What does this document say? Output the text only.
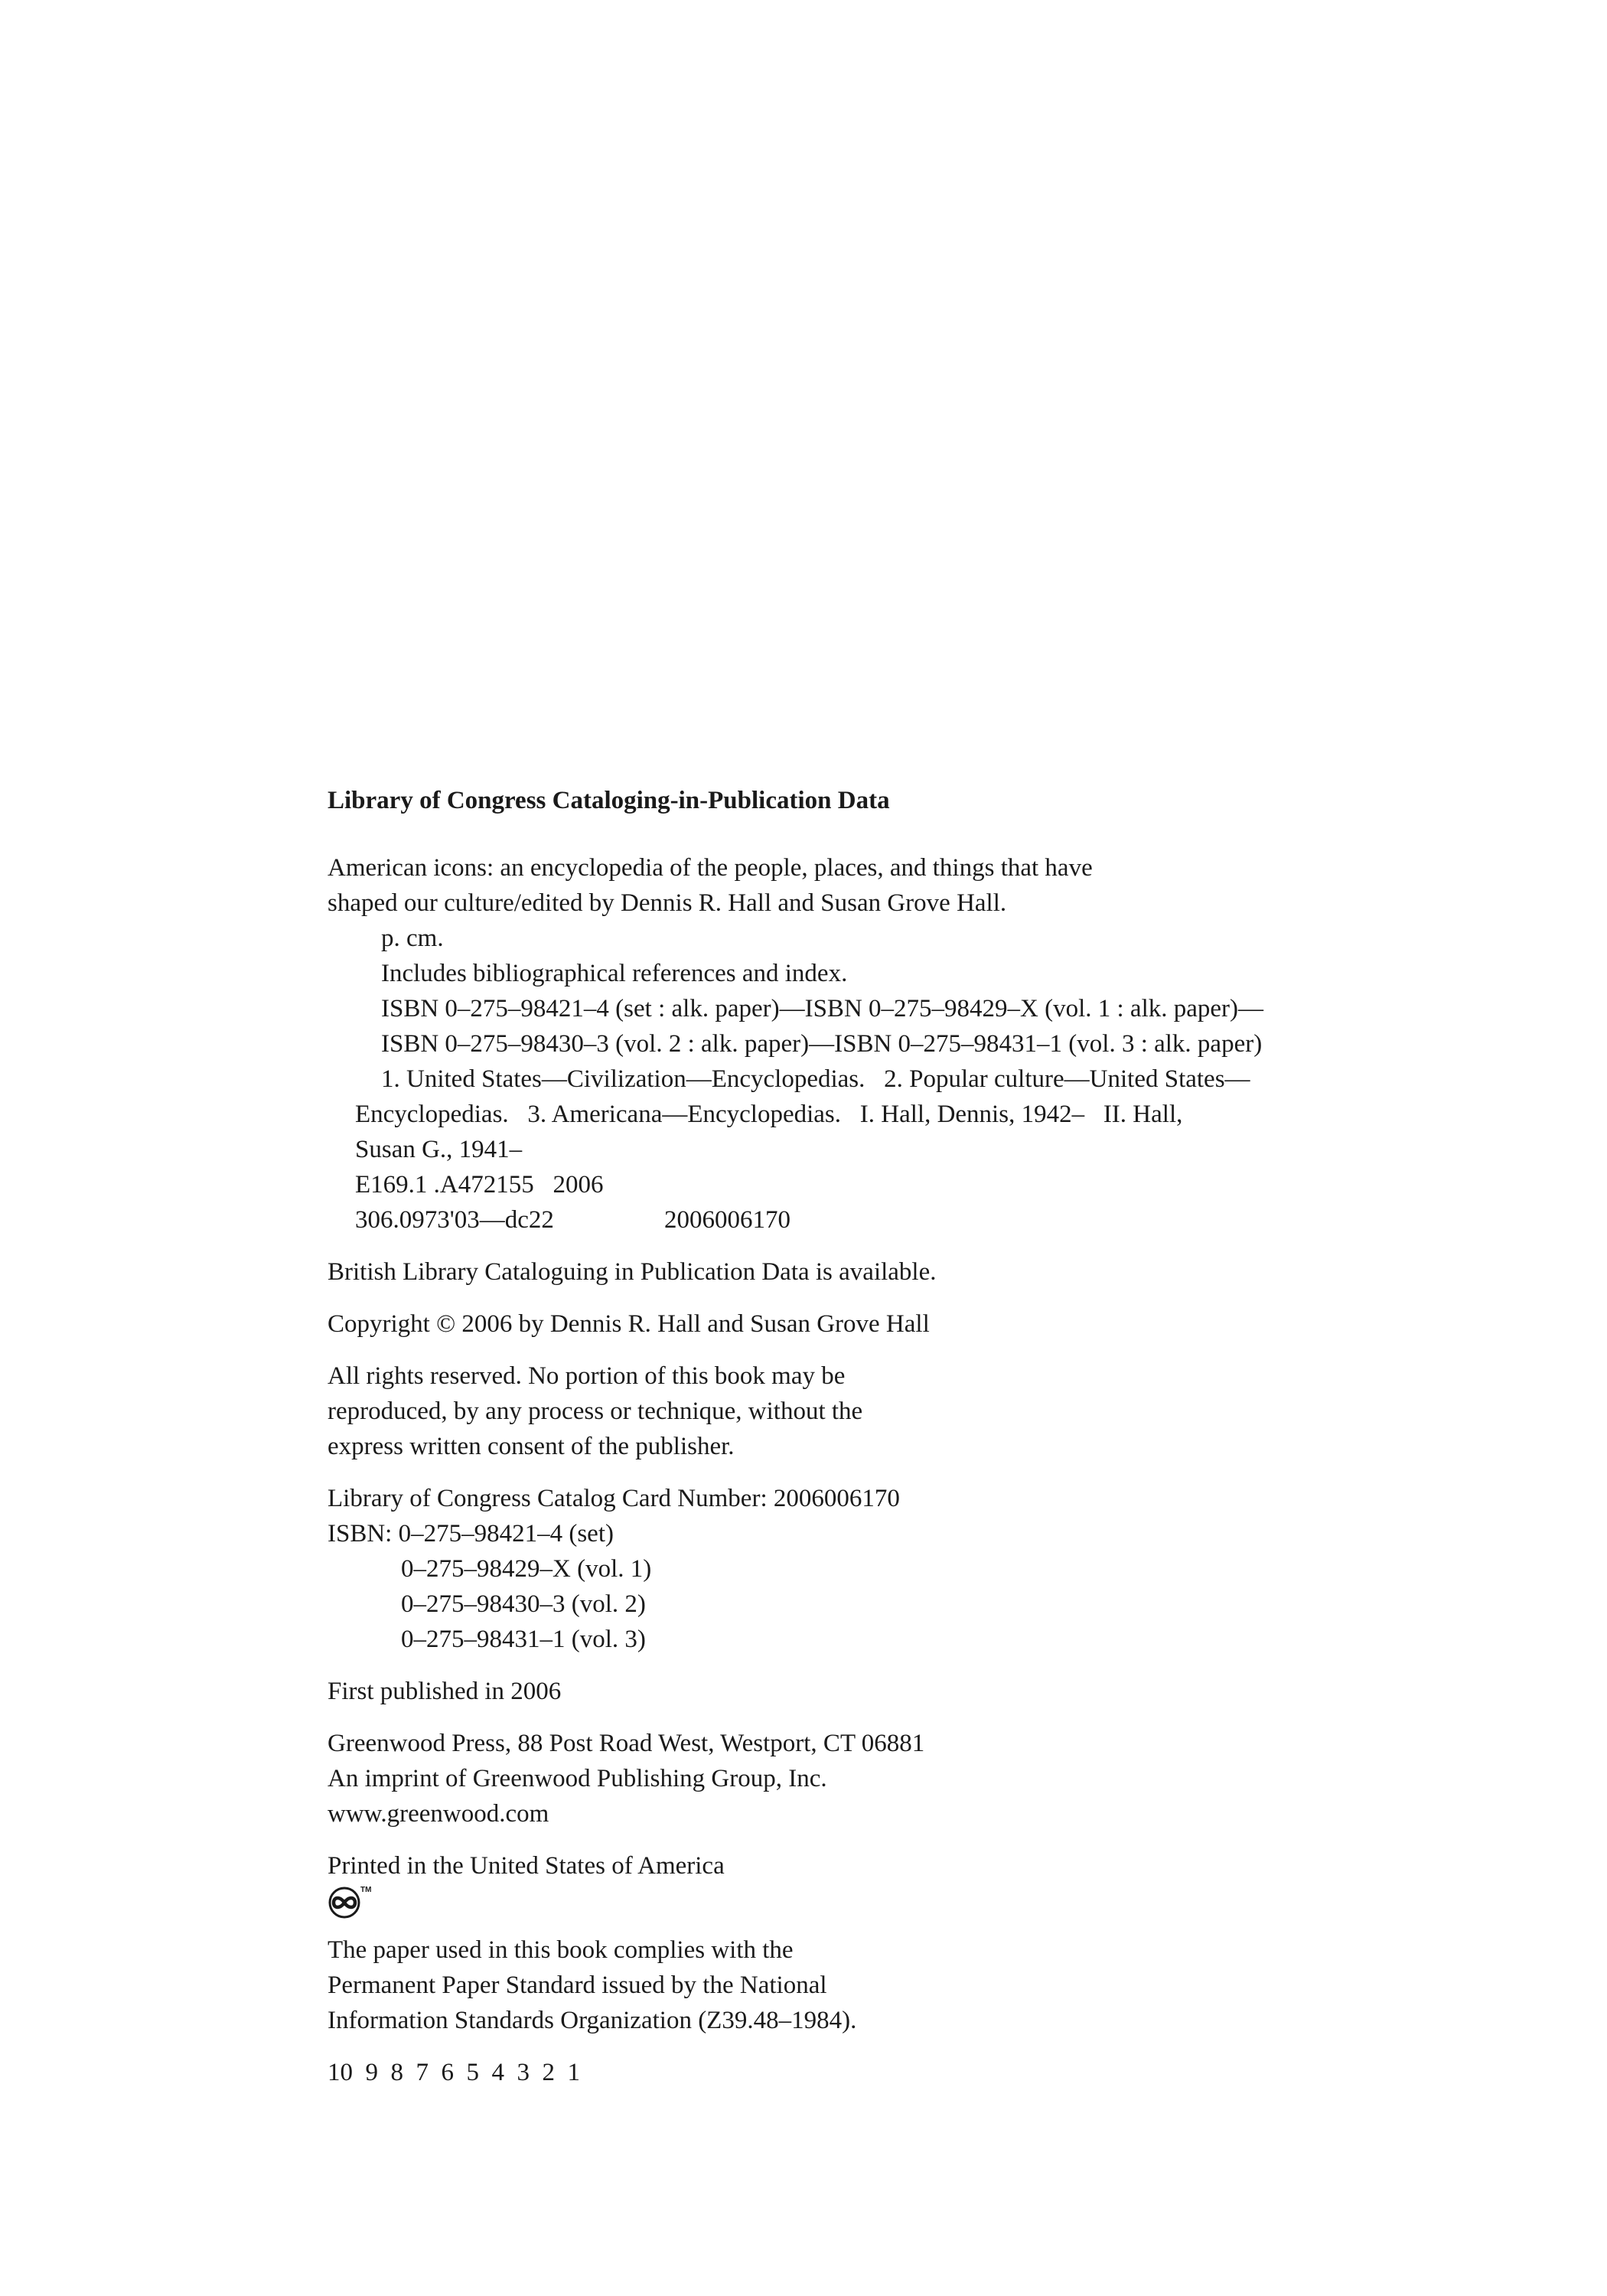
Library of Congress Cataloging-in-Publication Data
American icons: an encyclopedia of the people, places, and things that have
shaped our culture/edited by Dennis R. Hall and Susan Grove Hall.
p. cm.
Includes bibliographical references and index.
ISBN 0–275–98421–4 (set : alk. paper)—ISBN 0–275–98429–X (vol. 1 : alk. paper)—
ISBN 0–275–98430–3 (vol. 2 : alk. paper)—ISBN 0–275–98431–1 (vol. 3 : alk. paper)
1. United States—Civilization—Encyclopedias.   2. Popular culture—United States—
Encyclopedias.   3. Americana—Encyclopedias.   I. Hall, Dennis, 1942–   II. Hall,
Susan G., 1941–
E169.1 .A472155   2006
306.0973'03—dc22	2006006170
British Library Cataloguing in Publication Data is available.
Copyright © 2006 by Dennis R. Hall and Susan Grove Hall
All rights reserved. No portion of this book may be
reproduced, by any process or technique, without the
express written consent of the publisher.
Library of Congress Catalog Card Number: 2006006170
ISBN: 0–275–98421–4 (set)
0–275–98429–X (vol. 1)
0–275–98430–3 (vol. 2)
0–275–98431–1 (vol. 3)
First published in 2006
Greenwood Press, 88 Post Road West, Westport, CT 06881
An imprint of Greenwood Publishing Group, Inc.
www.greenwood.com
Printed in the United States of America
TM
The paper used in this book complies with the
Permanent Paper Standard issued by the National
Information Standards Organization (Z39.48–1984).
10  9  8  7  6  5  4  3  2  1
